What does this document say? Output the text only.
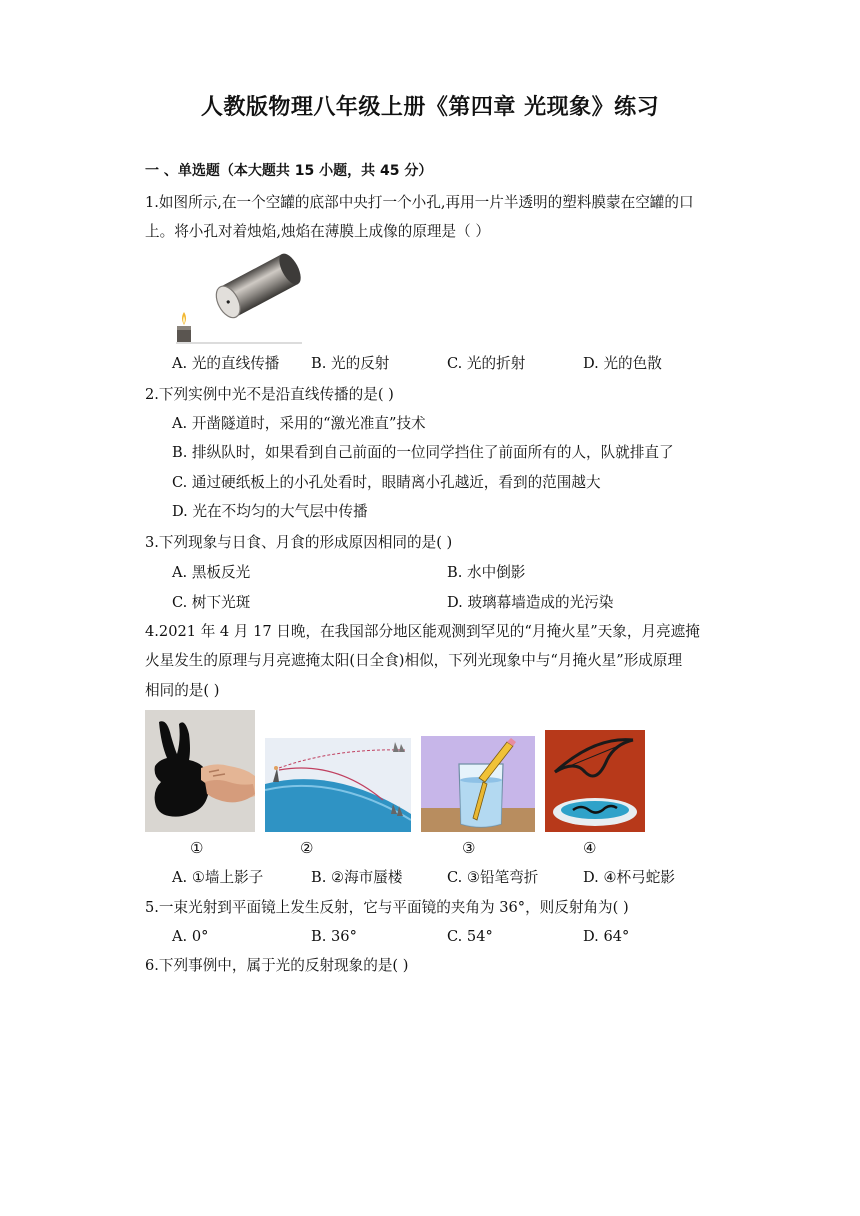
人教版物理八年级上册《第四章 光现象》练习
一 、单选题（本大题共 15 小题，共 45 分）
1.如图所示,在一个空罐的底部中央打一个小孔,再用一片半透明的塑料膜蒙在空罐的口
上。将小孔对着烛焰,烛焰在薄膜上成像的原理是（ ）
A. 光的直线传播 B. 光的反射	C. 光的折射	D. 光的色散
2.下列实例中光不是沿直线传播的是( )
A. 开凿隧道时，采用的“激光准直”技术
B. 排纵队时，如果看到自己前面的一位同学挡住了前面所有的人，队就排直了
C. 通过硬纸板上的小孔处看时，眼睛离小孔越近，看到的范围越大
D. 光在不均匀的大气层中传播
3.下列现象与日食、月食的形成原因相同的是( )
A. 黑板反光	B. 水中倒影
C. 树下光斑	D. 玻璃幕墙造成的光污染
4.2021 年 4 月 17 日晚，在我国部分地区能观测到罕见的“月掩火星”天象，月亮遮掩
火星发生的原理与月亮遮掩太阳(日全食)相似，下列光现象中与“月掩火星”形成原理
相同的是( )
①	②	③	④
A. ①墙上影子	B. ②海市蜃楼	C. ③铅笔弯折	D. ④杯弓蛇影
5.一束光射到平面镜上发生反射，它与平面镜的夹角为 36°，则反射角为( )
A. 0°	B. 36°	C. 54°	D. 64°
6.下列事例中，属于光的反射现象的是( )
